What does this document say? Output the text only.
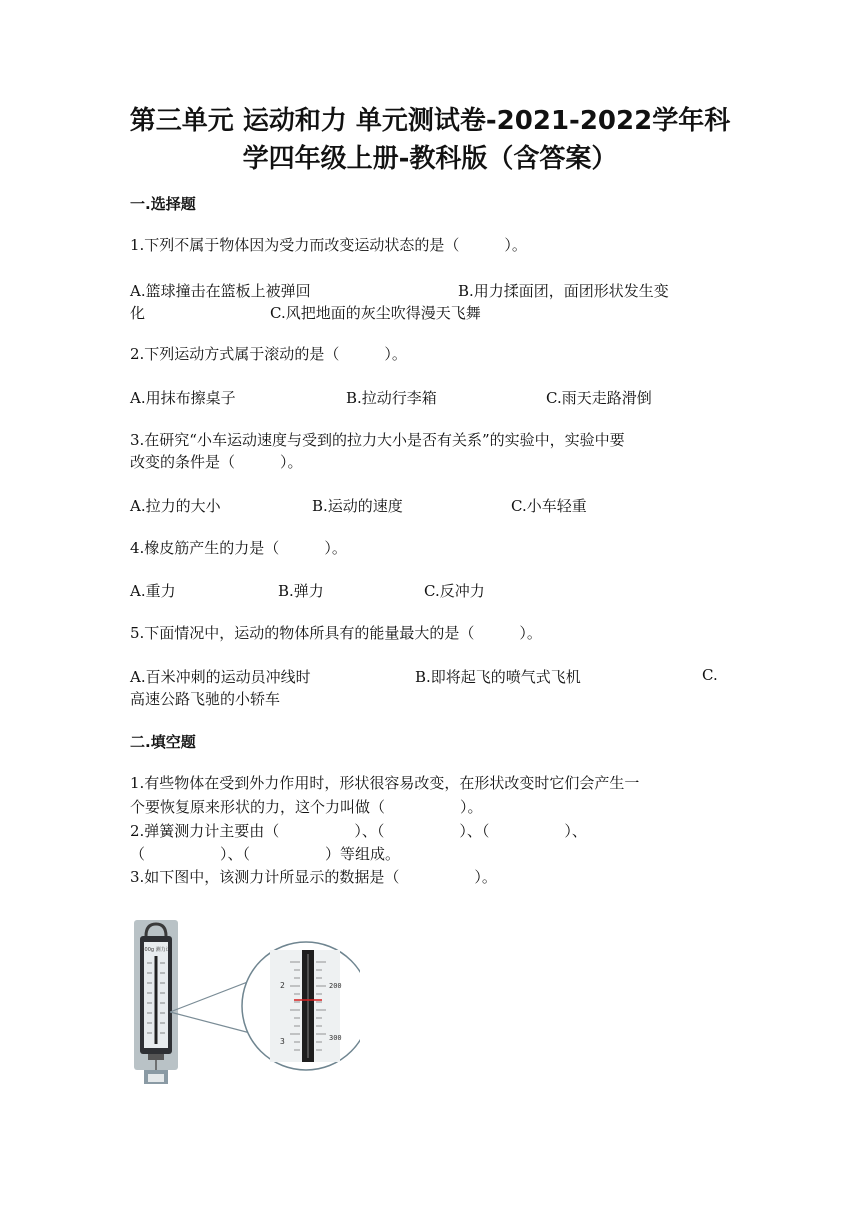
第三单元 运动和力 单元测试卷-2021-2022学年科
学四年级上册-教科版（含答案）
一.选择题
1.下列不属于物体因为受力而改变运动状态的是（　　　）。
A.篮球撞击在篮板上被弹回	B.用力揉面团，面团形状发生变
化	C.风把地面的灰尘吹得漫天飞舞
2.下列运动方式属于滚动的是（　　　）。
A.用抹布擦桌子	B.拉动行李箱	C.雨天走路滑倒
3.在研究“小车运动速度与受到的拉力大小是否有关系”的实验中，实验中要
改变的条件是（　　　）。
A.拉力的大小	B.运动的速度	C.小车轻重
4.橡皮筋产生的力是（　　　）。
A.重力	B.弹力	C.反冲力
5.下面情况中，运动的物体所具有的能量最大的是（　　　）。
A.百米冲刺的运动员冲线时	B.即将起飞的喷气式飞机	C.
高速公路飞驰的小轿车
二.填空题
1.有些物体在受到外力作用时，形状很容易改变，在形状改变时它们会产生一
个要恢复原来形状的力，这个力叫做（　　　　　）。
2.弹簧测力计主要由（　　　　　）、（　　　　　）、（　　　　　）、
（　　　　　）、（　　　　　）等组成。
3.如下图中，该测力计所显示的数据是（　　　　　）。
500g 测力计
2
3
200
300
